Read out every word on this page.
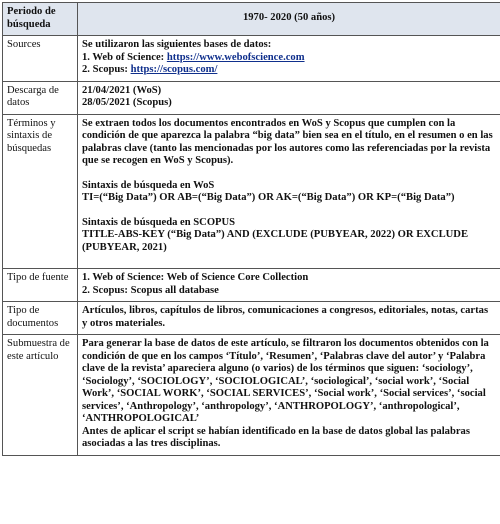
Periodo de búsqueda	1970- 2020 (50 años)
Sources	Se utilizaron las siguientes bases de datos:
1. Web of Science: https://www.webofscience.com
2. Scopus: https://scopus.com/

Descarga de datos	21/04/2021 (WoS)
28/05/2021 (Scopus)

Términos y sintaxis de búsquedas	Se extraen todos los documentos encontrados en WoS y Scopus que cumplen con la condición de que aparezca la palabra “big data” bien sea en el título, en el resumen o en las palabras clave (tanto las mencionadas por los autores como las referenciadas por la revista que se recogen en WoS y Scopus).
Sintaxis de búsqueda en WoS
TI=(“Big Data”) OR AB=(“Big Data”) OR AK=(“Big Data”) OR KP=(“Big Data”)
Sintaxis de búsqueda en SCOPUS
TITLE-ABS-KEY (“Big Data”) AND (EXCLUDE (PUBYEAR, 2022) OR EXCLUDE (PUBYEAR, 2021)

Tipo de fuente	1. Web of Science: Web of Science Core Collection
2. Scopus: Scopus all database

Tipo de documentos	Artículos, libros, capítulos de libros, comunicaciones a congresos, editoriales, notas, cartas y otros materiales.
Submuestra de este artículo	Para generar la base de datos de este artículo, se filtraron los documentos obtenidos con la condición de que en los campos ‘Título’, ‘Resumen’, ‘Palabras clave del autor’ y ‘Palabra clave de la revista’ apareciera alguno (o varios) de los términos que siguen: ‘sociology’, ‘Sociology’, ‘SOCIOLOGY’, ‘SOCIOLOGICAL’, ‘sociological’, ‘social work’, ‘Social Work’, ‘SOCIAL WORK’, ‘SOCIAL SERVICES’, ‘Social work’, ‘Social services’, ‘social services’, ‘Anthropology’, ‘anthropology’, ‘ANTHROPOLOGY’, ‘anthropological’, ‘ANTHROPOLOGICAL’
Antes de aplicar el script se habían identificado en la base de datos global las palabras asociadas a las tres disciplinas.
